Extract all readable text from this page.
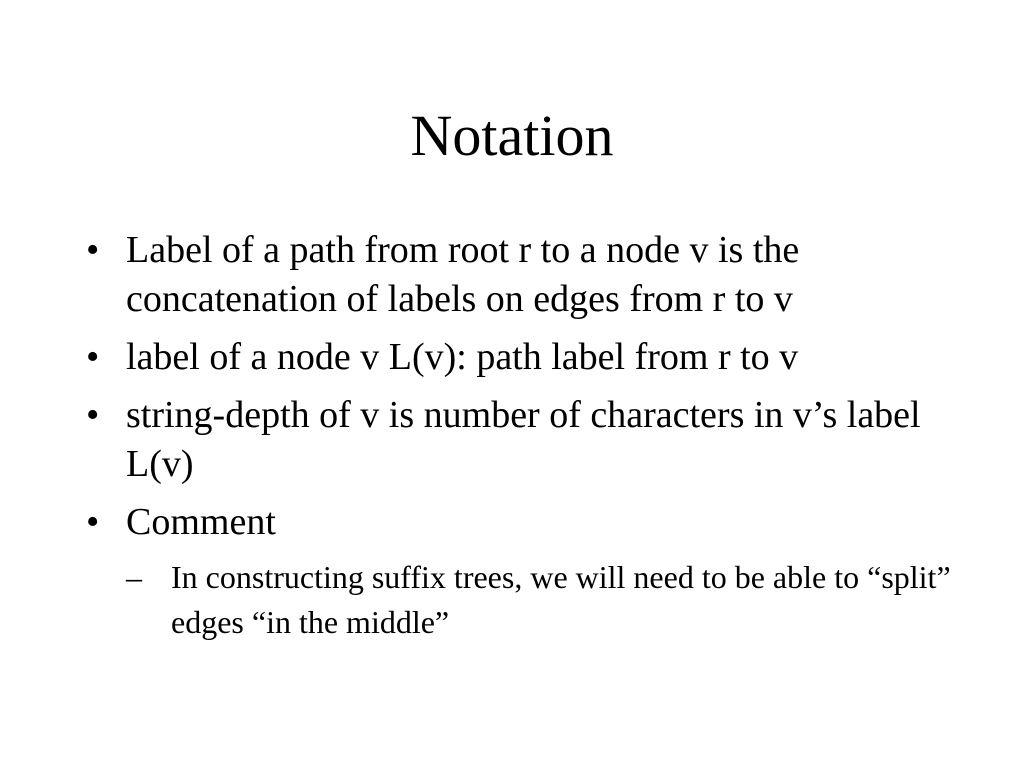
Notation
• Label of a path from root r to a node v is the concatenation of labels on edges from r to v
• label of a node v L(v): path label from r to v
• string-depth of v is number of characters in v’s label L(v)
• Comment
– In constructing suffix trees, we will need to be able to “split” edges “in the middle”
